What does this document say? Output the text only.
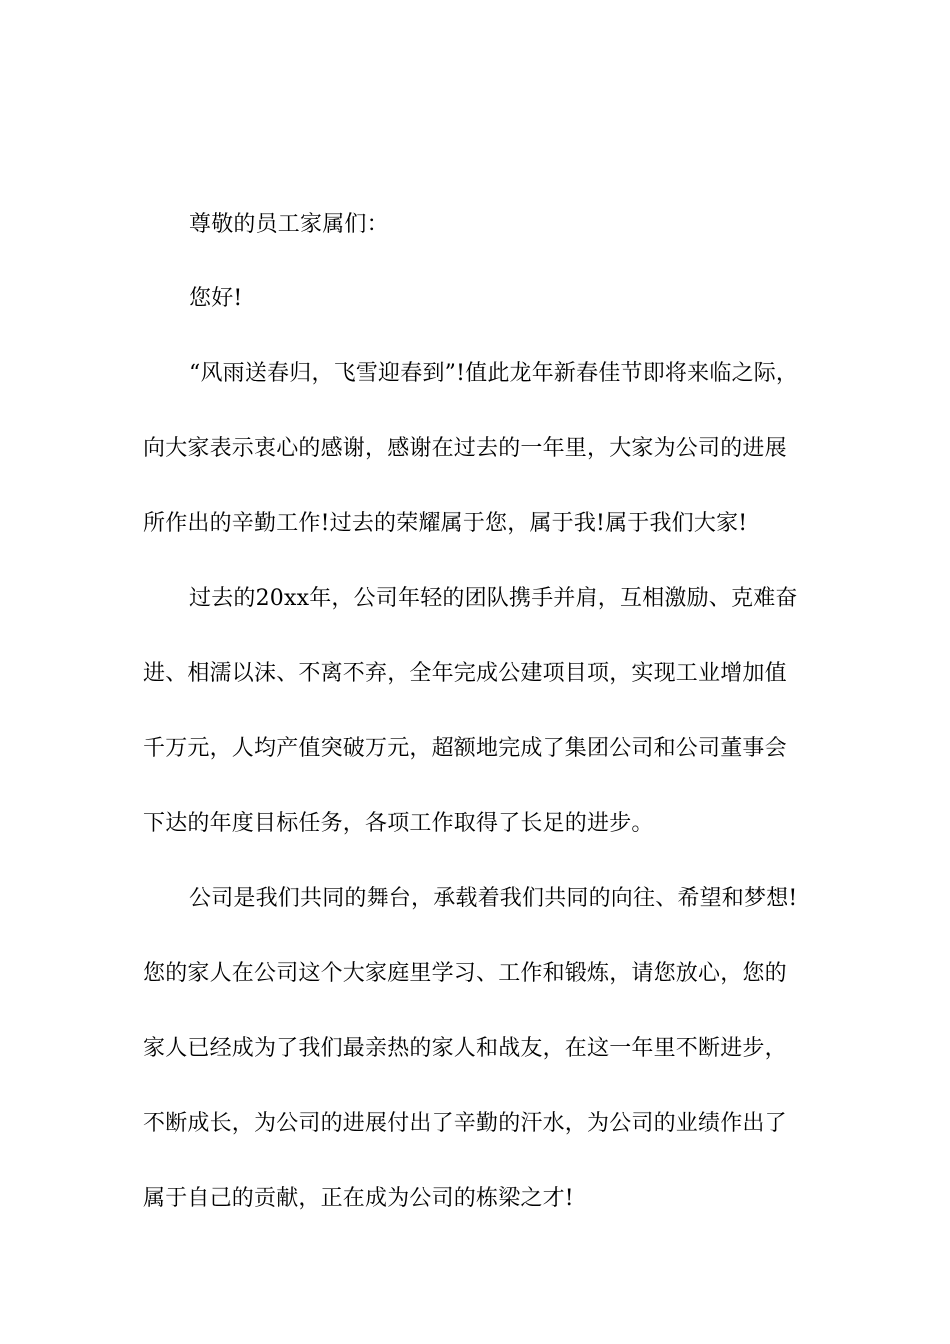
尊敬的员工家属们：
您好!
“风雨送春归，飞雪迎春到”!值此龙年新春佳节即将来临之际，
向大家表示衷心的感谢，感谢在过去的一年里，大家为公司的进展
所作出的辛勤工作!过去的荣耀属于您，属于我!属于我们大家!
过去的20xx年，公司年轻的团队携手并肩，互相激励、克难奋
进、相濡以沫、不离不弃，全年完成公建项目项，实现工业增加值
千万元，人均产值突破万元，超额地完成了集团公司和公司董事会
下达的年度目标任务，各项工作取得了长足的进步。
公司是我们共同的舞台，承载着我们共同的向往、希望和梦想!
您的家人在公司这个大家庭里学习、工作和锻炼，请您放心，您的
家人已经成为了我们最亲热的家人和战友，在这一年里不断进步，
不断成长，为公司的进展付出了辛勤的汗水，为公司的业绩作出了
属于自己的贡献，正在成为公司的栋梁之才!
